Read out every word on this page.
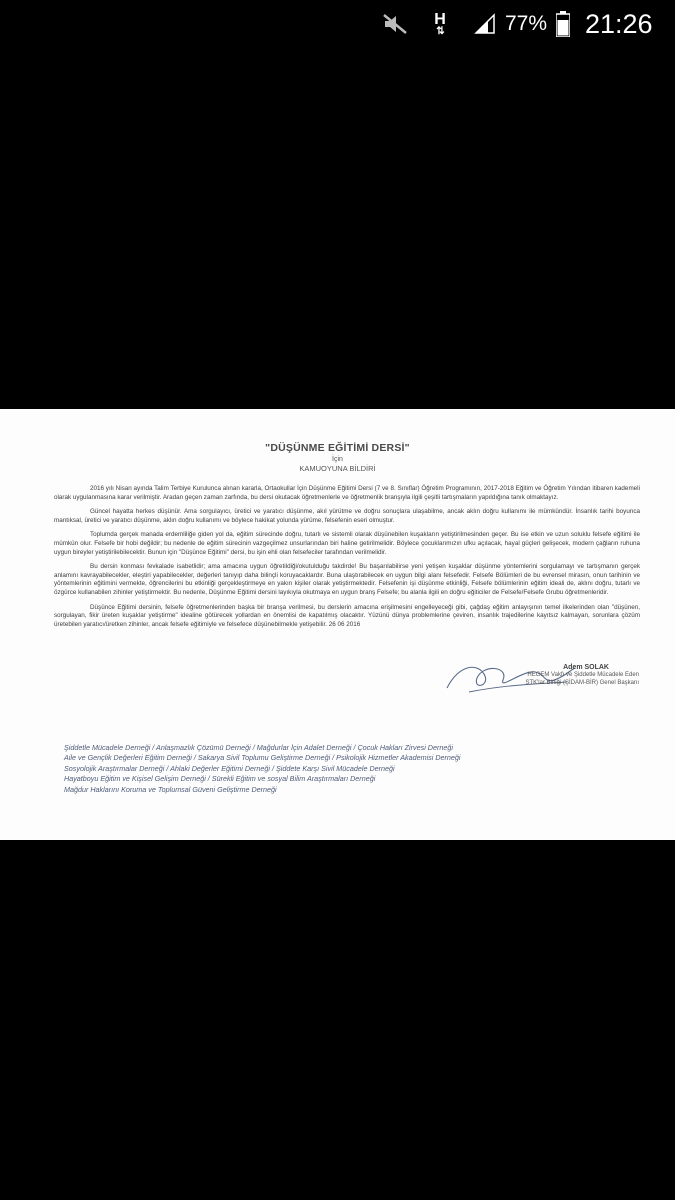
H
⇅	77% 21:26
"DÜŞÜNME EĞİTİMİ DERSİ"
İçin
KAMUOYUNA BİLDİRİ

2016 yılı Nisan ayında Talim Terbiye Kurulunca alınan kararla, Ortaokullar İçin Düşünme Eğitimi Dersi (7 ve 8. Sınıflar) Öğretim Programının, 2017-2018 Eğitim ve Öğretim Yılından itibaren kademeli olarak uygulanmasına karar verilmiştir. Aradan geçen zaman zarfında, bu dersi okutacak öğretmenlerle ve öğretmenlik branşıyla ilgili çeşitli tartışmaların yapıldığına tanık olmaktayız.

Güncel hayatta herkes düşünür. Ama sorgulayıcı, üretici ve yaratıcı düşünme, akıl yürütme ve doğru sonuçlara ulaşabilme, ancak aklın doğru kullanımı ile mümkündür. İnsanlık tarihi boyunca mantıksal, üretici ve yaratıcı düşünme, aklın doğru kullanımı ve böylece hakikat yolunda yürüme, felsefenin eseri olmuştur.

Toplumda gerçek manada erdemliliğe giden yol da, eğitim sürecinde doğru, tutarlı ve sistemli olarak düşünebilen kuşakların yetiştirilmesinden geçer. Bu ise etkin ve uzun soluklu felsefe eğitimi ile mümkün olur. Felsefe bir hobi değildir; bu nedenle de eğitim sürecinin vazgeçilmez unsurlarından biri haline getirilmelidir. Böylece çocuklarımızın ufku açılacak, hayal güçleri gelişecek, modern çağların ruhuna uygun bireyler yetiştirilebilecektir. Bunun için "Düşünce Eğitimi" dersi, bu işin ehli olan felsefeciler tarafından verilmelidir.

Bu dersin konması fevkalade isabetlidir; ama amacına uygun öğretildiği/okutulduğu takdirde! Bu başarılabilirse yeni yetişen kuşaklar düşünme yöntemlerini sorgulamayı ve tartışmanın gerçek anlamını kavrayabilecekler, eleştiri yapabilecekler, değerleri tanıyıp daha bilinçli koruyacaklardır. Buna ulaştırabilecek en uygun bilgi alanı felsefedir. Felsefe Bölümleri de bu evrensel mirasın, onun tarihinin ve yöntemlerinin eğitimini vermekte, öğrencilerini bu etkinliği gerçekleştirmeye en yakın kişiler olarak yetiştirmektedir. Felsefenin işi düşünme etkinliği, Felsefe bölümlerinin eğitim ideali de, aklını doğru, tutarlı ve özgürce kullanabilen zihinler yetiştirmektir. Bu nedenle, Düşünme Eğitimi dersini layıkıyla okutmaya en uygun branş Felsefe; bu alanla ilgili en doğru eğiticiler de Felsefe/Felsefe Grubu öğretmenleridir.

Düşünce Eğitimi dersinin, felsefe öğretmenlerinden başka bir branşa verilmesi, bu derslerin amacına erişilmesini engelleyeceği gibi, çağdaş eğitim anlayışının temel ilkelerinden olan "düşünen, sorgulayan, fikir üreten kuşaklar yetiştirme" idealine götürecek yollardan en önemlisi de kapatılmış olacaktır. Yüzünü dünya problemlerine çeviren, insanlık trajedilerine kayıtsız kalmayan, sorunlara çözüm üretebilen yaratıcı/üretken zihinler, ancak felsefe eğitimiyle ve felsefece düşünebilmekle yetişebilir. 26 06 2016

Adem SOLAK
HEGEM Vakfı ve Şiddetle Mücadele Eden
STK'lar Birliği (ŞİDAM-BİR) Genel Başkanı
Şiddetle Mücadele Derneği / Anlaşmazlık Çözümü Derneği / Mağdurlar İçin Adalet Derneği / Çocuk Hakları Zirvesi Derneği
Aile ve Gençlik Değerleri Eğitim Derneği / Sakarya Sivil Toplumu Geliştirme Derneği / Psikolojik Hizmetler Akademisi Derneği
Sosyolojik Araştırmalar Derneği / Ahlaki Değerler Eğitimi Derneği / Şiddete Karşı Sivil Mücadele Derneği
Hayatboyu Eğitim ve Kişisel Gelişim Derneği / Sürekli Eğitim ve sosyal Bilim Araştırmaları Derneği
Mağdur Haklarını Koruma ve Toplumsal Güveni Geliştirme Derneği
